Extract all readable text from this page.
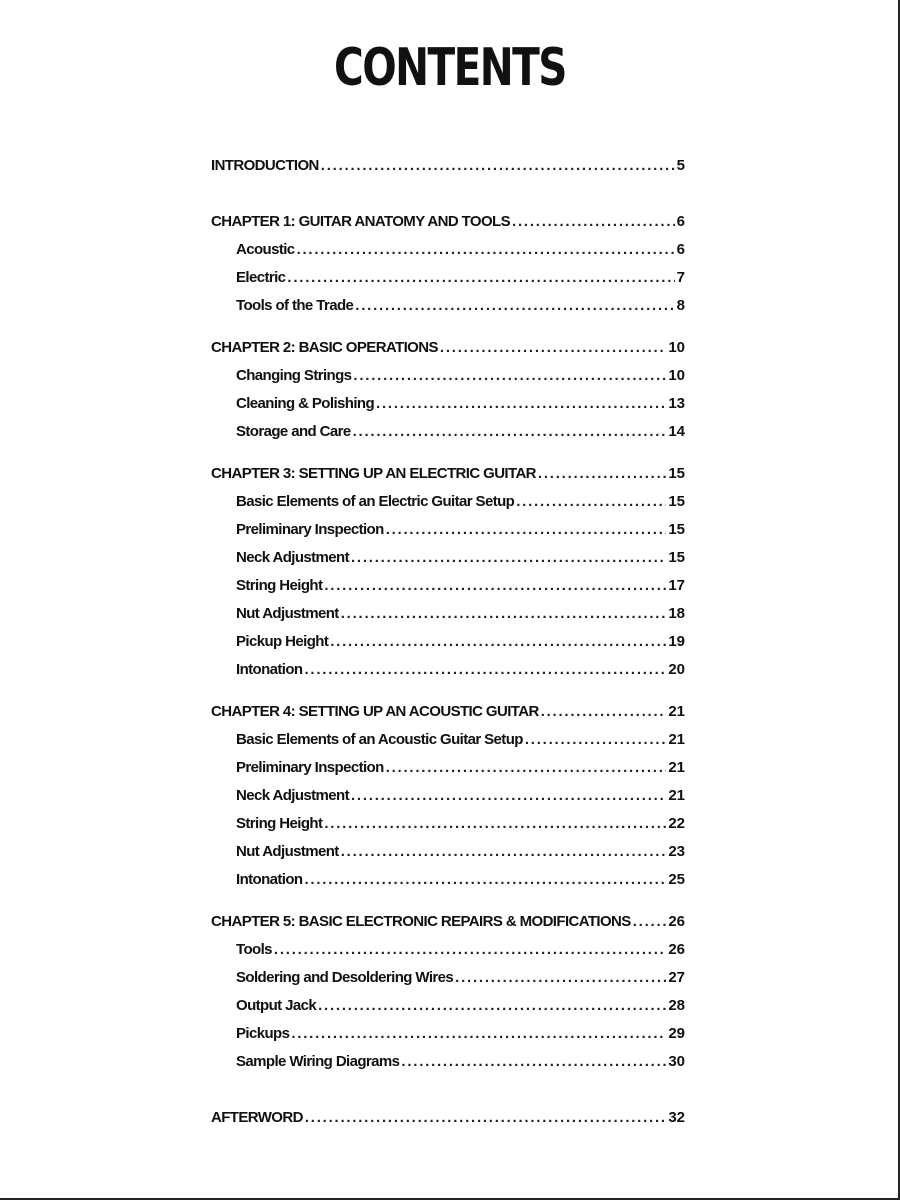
CONTENTS
INTRODUCTION . . .	5
CHAPTER 1: GUITAR ANATOMY AND TOOLS . . .	6
Acoustic . . .	6
Electric . . .	7
Tools of the Trade . . .	8
CHAPTER 2: BASIC OPERATIONS . . .	10
Changing Strings . . .	10
Cleaning & Polishing . . .	13
Storage and Care . . .	14
CHAPTER 3: SETTING UP AN ELECTRIC GUITAR . . .	15
Basic Elements of an Electric Guitar Setup . . .	15
Preliminary Inspection . . .	15
Neck Adjustment . . .	15
String Height . . .	17
Nut Adjustment . . .	18
Pickup Height . . .	19
Intonation . . .	20
CHAPTER 4: SETTING UP AN ACOUSTIC GUITAR . . .	21
Basic Elements of an Acoustic Guitar Setup . . .	21
Preliminary Inspection . . .	21
Neck Adjustment . . .	21
String Height . . .	22
Nut Adjustment . . .	23
Intonation . . .	25
CHAPTER 5: BASIC ELECTRONIC REPAIRS & MODIFICATIONS . . .	26
Tools . . .	26
Soldering and Desoldering Wires . . .	27
Output Jack . . .	28
Pickups . . .	29
Sample Wiring Diagrams . . .	30
AFTERWORD . . .	32
